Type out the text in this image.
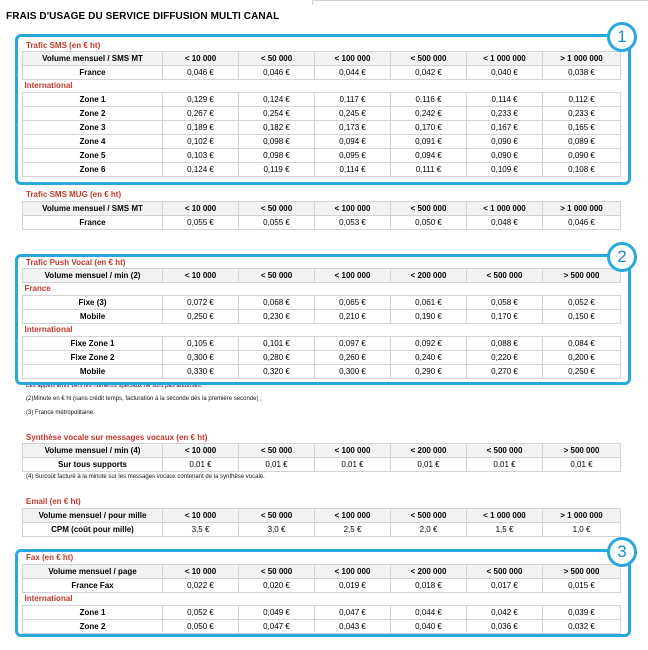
FRAIS D'USAGE DU SERVICE DIFFUSION MULTI CANAL
Trafic SMS (en € ht)
Volume mensuel / SMS MT	< 10 000	< 50 000	< 100 000	< 500 000	< 1 000 000	> 1 000 000
France	0,046 €	0,046 €	0,044 €	0,042 €	0,040 €	0,038 €
International						
Zone 1	0,129 €	0,124 €	0,117 €	0,116 €	0,114 €	0,112 €
Zone 2	0,267 €	0,254 €	0,245 €	0,242 €	0,233 €	0,233 €
Zone 3	0,189 €	0,182 €	0,173 €	0,170 €	0,167 €	0,165 €
Zone 4	0,102 €	0,098 €	0,094 €	0,091 €	0,090 €	0,089 €
Zone 5	0,103 €	0,098 €	0,095 €	0,094 €	0,090 €	0,090 €
Zone 6	0,124 €	0,119 €	0,114 €	0,111 €	0,109 €	0,108 €
Trafic SMS MUG (en € ht)
Volume mensuel / SMS MT	< 10 000	< 50 000	< 100 000	< 500 000	< 1 000 000	> 1 000 000
France	0,055 €	0,055 €	0,053 €	0,050 €	0,048 €	0,046 €
Trafic Push Vocal (en € ht)
Volume mensuel / min (2)	< 10 000	< 50 000	< 100 000	< 200 000	< 500 000	> 500 000
France						
Fixe (3)	0,072 €	0,068 €	0,065 €	0,061 €	0,058 €	0,052 €
Mobile	0,250 €	0,230 €	0,210 €	0,190 €	0,170 €	0,150 €
International						
Fixe Zone 1	0,105 €	0,101 €	0,097 €	0,092 €	0,088 €	0,084 €
Fixe Zone 2	0,300 €	0,280 €	0,260 €	0,240 €	0,220 €	0,200 €
Mobile	0,330 €	0,320 €	0,300 €	0,290 €	0,270 €	0,250 €
Les appels émis vers les numéros spéciaux ne sont pas autorisés.
(2)Minute en € ht (sans crédit temps, facturation à la seconde dès la première seconde) ;
(3) France métropolitaine.
Synthèse vocale sur messages vocaux (en € ht)
Volume mensuel / min (4)	< 10 000	< 50 000	< 100 000	< 200 000	< 500 000	> 500 000
Sur tous supports	0,01 €	0,01 €	0,01 €	0,01 €	0,01 €	0,01 €
(4) Surcoût facturé à la minute sur les messages vocaux contenant de la synthèse vocale.
Email (en € ht)
Volume mensuel / pour mille	< 10 000	< 50 000	< 100 000	< 500 000	< 1 000 000	> 1 000 000
CPM (coût pour mille)	3,5 €	3,0 €	2,5 €	2,0 €	1,5 €	1,0 €
Fax (en € ht)
Volume mensuel / page	< 10 000	< 50 000	< 100 000	< 200 000	< 500 000	> 500 000
France Fax	0,022 €	0,020 €	0,019 €	0,018 €	0,017 €	0,015 €
International						
Zone 1	0,052 €	0,049 €	0,047 €	0,044 €	0,042 €	0,039 €
Zone 2	0,050 €	0,047 €	0,043 €	0,040 €	0,036 €	0,032 €
1
2
3
